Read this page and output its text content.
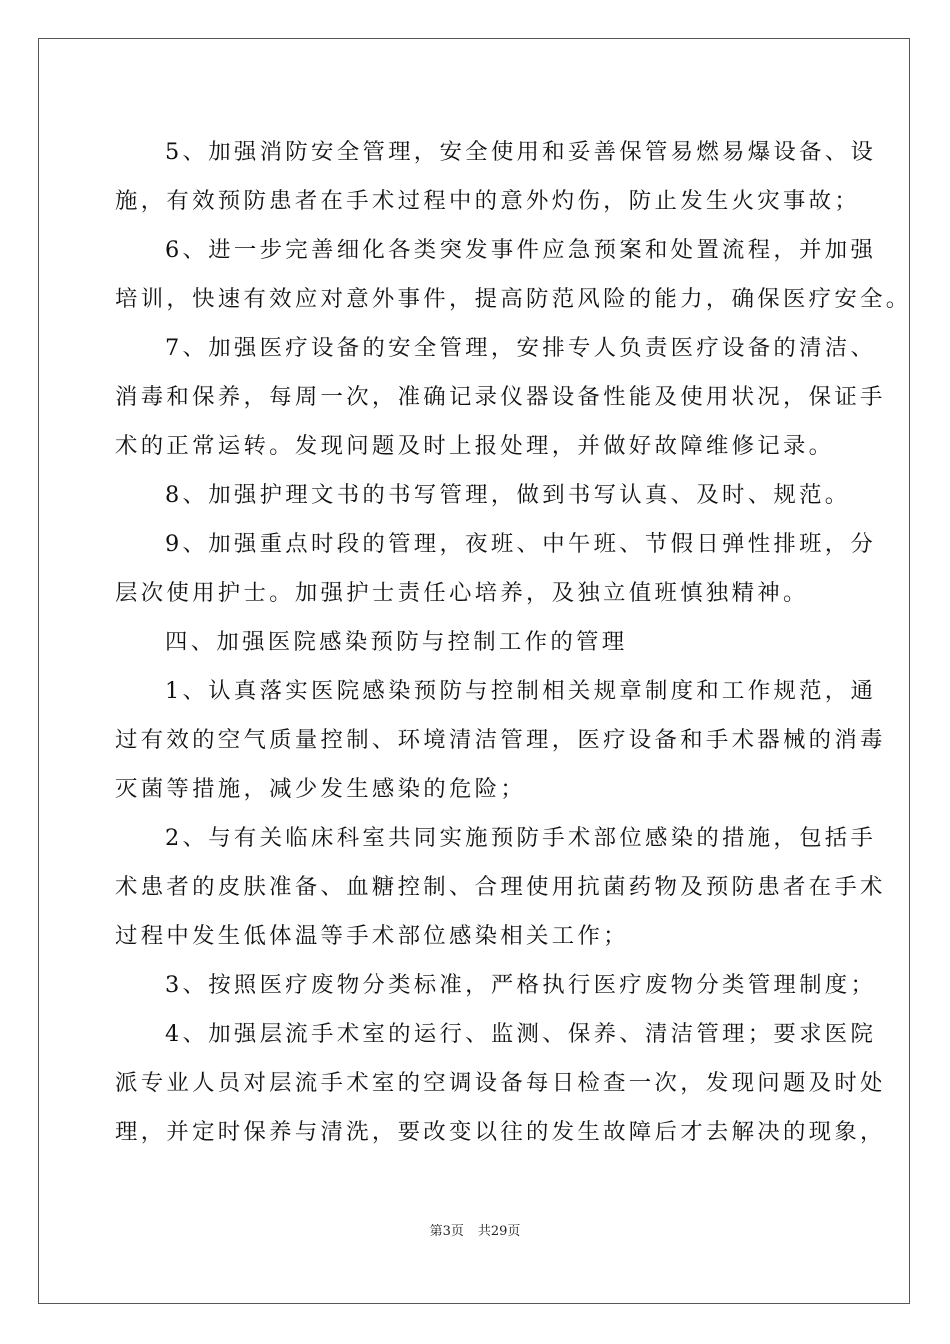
5、加强消防安全管理，安全使用和妥善保管易燃易爆设备、设
施，有效预防患者在手术过程中的意外灼伤，防止发生火灾事故；
6、进一步完善细化各类突发事件应急预案和处置流程，并加强
培训，快速有效应对意外事件，提高防范风险的能力，确保医疗安全。
7、加强医疗设备的安全管理，安排专人负责医疗设备的清洁、
消毒和保养，每周一次，准确记录仪器设备性能及使用状况，保证手
术的正常运转。发现问题及时上报处理，并做好故障维修记录。
8、加强护理文书的书写管理，做到书写认真、及时、规范。
9、加强重点时段的管理，夜班、中午班、节假日弹性排班，分
层次使用护士。加强护士责任心培养，及独立值班慎独精神。
四、加强医院感染预防与控制工作的管理
1、认真落实医院感染预防与控制相关规章制度和工作规范，通
过有效的空气质量控制、环境清洁管理，医疗设备和手术器械的消毒
灭菌等措施，减少发生感染的危险；
2、与有关临床科室共同实施预防手术部位感染的措施，包括手
术患者的皮肤准备、血糖控制、合理使用抗菌药物及预防患者在手术
过程中发生低体温等手术部位感染相关工作；
3、按照医疗废物分类标准，严格执行医疗废物分类管理制度；
4、加强层流手术室的运行、监测、保养、清洁管理；要求医院
派专业人员对层流手术室的空调设备每日检查一次，发现问题及时处
理，并定时保养与清洗，要改变以往的发生故障后才去解决的现象，
第3页 共29页
